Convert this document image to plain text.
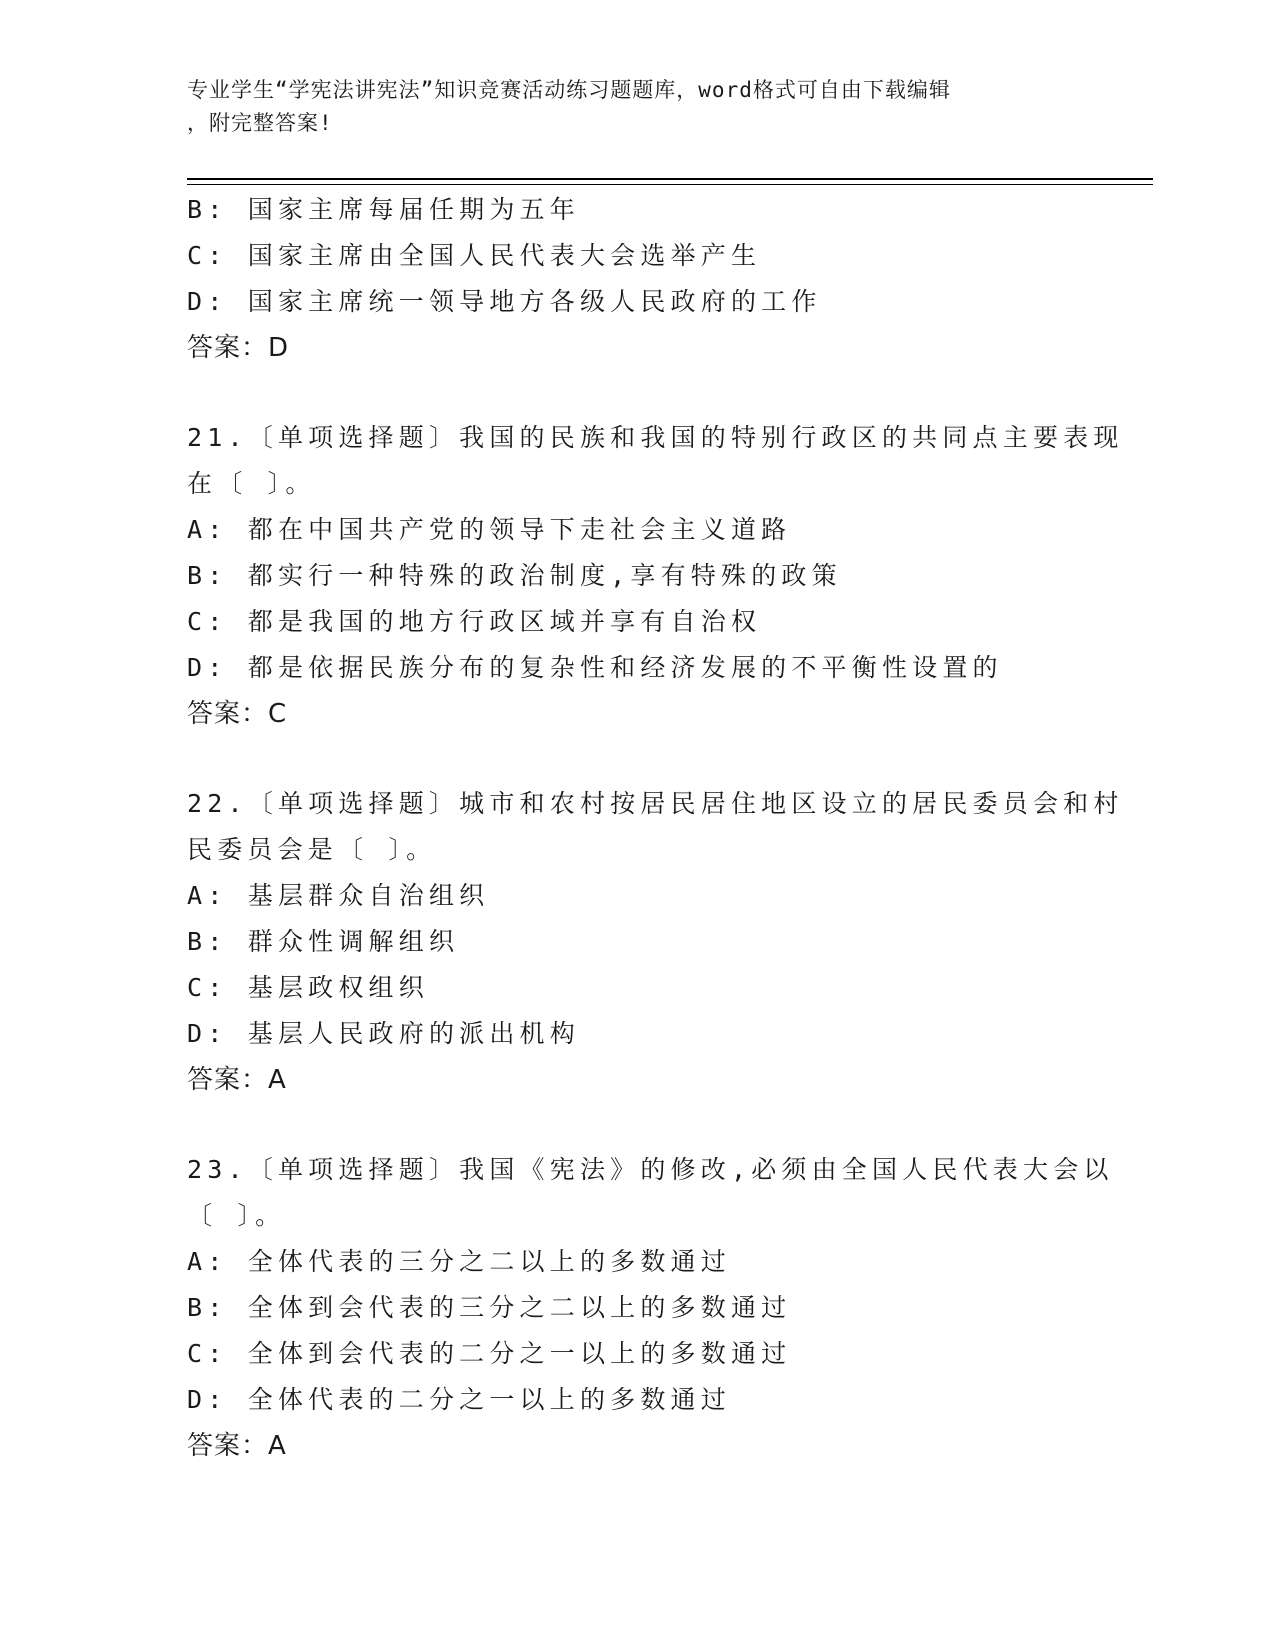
专业学生“学宪法讲宪法”知识竞赛活动练习题题库，word格式可自由下载编辑
，附完整答案!
B: 国家主席每届任期为五年
C: 国家主席由全国人民代表大会选举产生
D: 国家主席统一领导地方各级人民政府的工作
答案：D
21.〔单项选择题〕我国的民族和我国的特别行政区的共同点主要表现
在〔 〕。
A: 都在中国共产党的领导下走社会主义道路
B: 都实行一种特殊的政治制度,享有特殊的政策
C: 都是我国的地方行政区域并享有自治权
D: 都是依据民族分布的复杂性和经济发展的不平衡性设置的
答案：C
22.〔单项选择题〕城市和农村按居民居住地区设立的居民委员会和村
民委员会是〔 〕。
A: 基层群众自治组织
B: 群众性调解组织
C: 基层政权组织
D: 基层人民政府的派出机构
答案：A
23.〔单项选择题〕我国《宪法》的修改,必须由全国人民代表大会以
〔 〕。
A: 全体代表的三分之二以上的多数通过
B: 全体到会代表的三分之二以上的多数通过
C: 全体到会代表的二分之一以上的多数通过
D: 全体代表的二分之一以上的多数通过
答案：A
